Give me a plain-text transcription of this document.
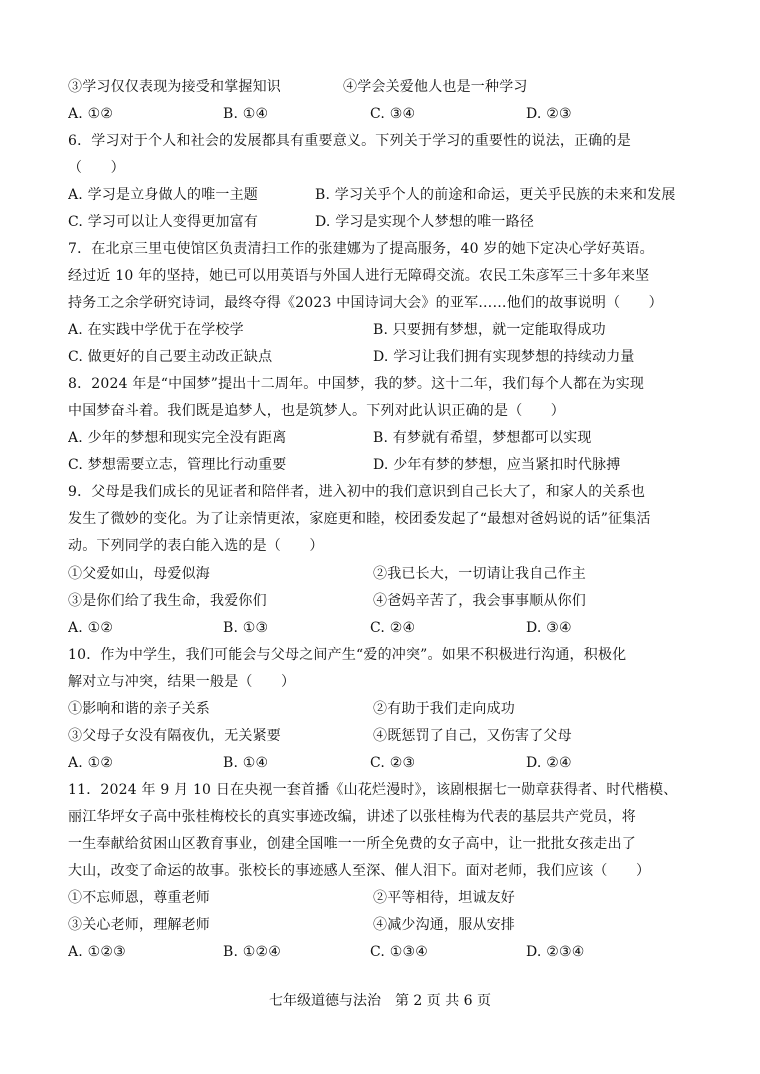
③学习仅仅表现为接受和掌握知识	④学会关爱他人也是一种学习
A. ①②	B. ①④	C. ③④	D. ②③
6．学习对于个人和社会的发展都具有重要意义。下列关于学习的重要性的说法，正确的是
（　　）
A. 学习是立身做人的唯一主题	B. 学习关乎个人的前途和命运，更关乎民族的未来和发展
C. 学习可以让人变得更加富有	D. 学习是实现个人梦想的唯一路径
7．在北京三里屯使馆区负责清扫工作的张建娜为了提高服务，40 岁的她下定决心学好英语。
经过近 10 年的坚持，她已可以用英语与外国人进行无障碍交流。农民工朱彦军三十多年来坚
持务工之余学研究诗词，最终夺得《2023 中国诗词大会》的亚军……他们的故事说明（　　）
A. 在实践中学优于在学校学	B. 只要拥有梦想，就一定能取得成功
C. 做更好的自己要主动改正缺点	D. 学习让我们拥有实现梦想的持续动力量
8．2024 年是“中国梦”提出十二周年。中国梦，我的梦。这十二年，我们每个人都在为实现
中国梦奋斗着。我们既是追梦人，也是筑梦人。下列对此认识正确的是（　　）
A. 少年的梦想和现实完全没有距离	B. 有梦就有希望，梦想都可以实现
C. 梦想需要立志，管理比行动重要	D. 少年有梦的梦想，应当紧扣时代脉搏
9．父母是我们成长的见证者和陪伴者，进入初中的我们意识到自己长大了，和家人的关系也
发生了微妙的变化。为了让亲情更浓，家庭更和睦，校团委发起了“最想对爸妈说的话”征集活
动。下列同学的表白能入选的是（　　）
①父爱如山，母爱似海	②我已长大，一切请让我自己作主
③是你们给了我生命，我爱你们	④爸妈辛苦了，我会事事顺从你们
A. ①②	B. ①③	C. ②④	D. ③④
10．作为中学生，我们可能会与父母之间产生“爱的冲突”。如果不积极进行沟通，积极化
解对立与冲突，结果一般是（　　）
①影响和谐的亲子关系	②有助于我们走向成功
③父母子女没有隔夜仇，无关紧要	④既惩罚了自己，又伤害了父母
A. ①②	B. ①④	C. ②③	D. ②④
11．2024 年 9 月 10 日在央视一套首播《山花烂漫时》，该剧根据七一勋章获得者、时代楷模、
丽江华坪女子高中张桂梅校长的真实事迹改编，讲述了以张桂梅为代表的基层共产党员，将
一生奉献给贫困山区教育事业，创建全国唯一一所全免费的女子高中，让一批批女孩走出了
大山，改变了命运的故事。张校长的事迹感人至深、催人泪下。面对老师，我们应该（　　）
①不忘师恩，尊重老师	②平等相待，坦诚友好
③关心老师，理解老师	④减少沟通，服从安排
A. ①②③	B. ①②④	C. ①③④	D. ②③④
七年级道德与法治　第 2 页 共 6 页
